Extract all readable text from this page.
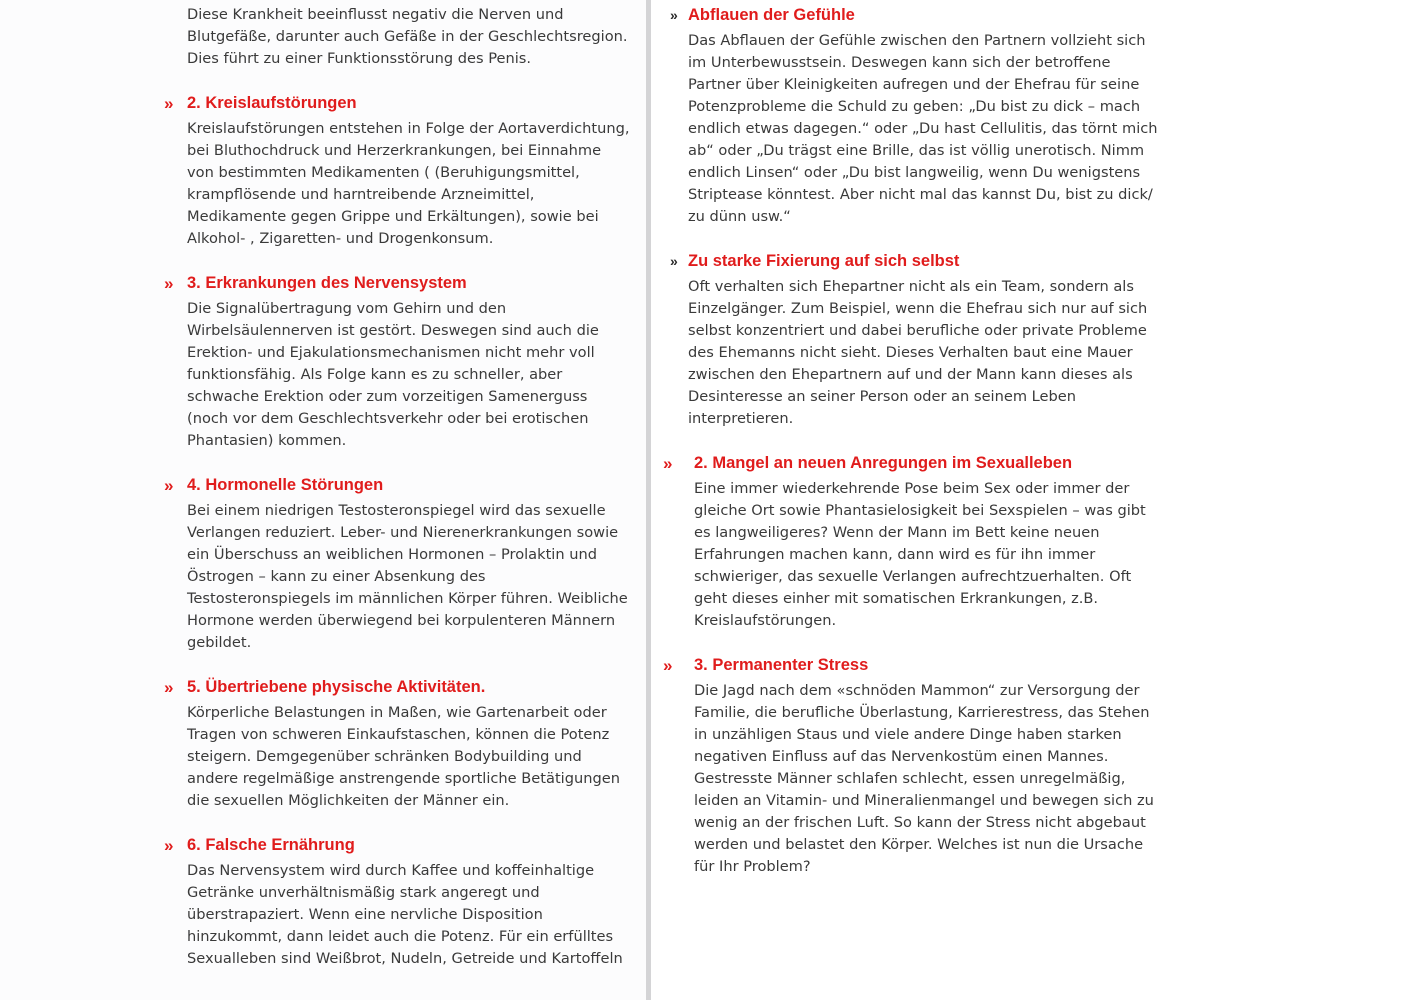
Diese Krankheit beeinflusst negativ die Nerven und Blutgefäße, darunter auch Gefäße in der Geschlechtsregion. Dies führt zu einer Funktionsstörung des Penis.

» 2. Kreislaufstörungen

Kreislaufstörungen entstehen in Folge der Aortaverdichtung, bei Bluthochdruck und Herzerkrankungen, bei Einnahme von bestimmten Medikamenten ( (Beruhigungsmittel, krampflösende und harntreibende Arzneimittel, Medikamente gegen Grippe und Erkältungen), sowie bei Alkohol- , Zigaretten- und Drogenkonsum.

» 3. Erkrankungen des Nervensystem

Die Signalübertragung vom Gehirn und den Wirbelsäulennerven ist gestört. Deswegen sind auch die Erektion- und Ejakulationsmechanismen nicht mehr voll funktionsfähig. Als Folge kann es zu schneller, aber schwache Erektion oder zum vorzeitigen Samenerguss (noch vor dem Geschlechtsverkehr oder bei erotischen Phantasien) kommen.

» 4. Hormonelle Störungen

Bei einem niedrigen Testosteronspiegel wird das sexuelle Verlangen reduziert. Leber- und Nierenerkrankungen sowie ein Überschuss an weiblichen Hormonen – Prolaktin und Östrogen – kann zu einer Absenkung des Testosteronspiegels im männlichen Körper führen. Weibliche Hormone werden überwiegend bei korpulenteren Männern gebildet.

» 5. Übertriebene physische Aktivitäten.

Körperliche Belastungen in Maßen, wie Gartenarbeit oder Tragen von schweren Einkaufstaschen, können die Potenz steigern. Demgegenüber schränken Bodybuilding und andere regelmäßige anstrengende sportliche Betätigungen die sexuellen Möglichkeiten der Männer ein.

» 6. Falsche Ernährung

Das Nervensystem wird durch Kaffee und koffeinhaltige Getränke unverhältnismäßig stark angeregt und überstrapaziert. Wenn eine nervliche Disposition hinzukommt, dann leidet auch die Potenz. Für ein erfülltes Sexualleben sind Weißbrot, Nudeln, Getreide und Kartoffeln

» Abflauen der Gefühle

Das Abflauen der Gefühle zwischen den Partnern vollzieht sich im Unterbewusstsein. Deswegen kann sich der betroffene Partner über Kleinigkeiten aufregen und der Ehefrau für seine Potenzprobleme die Schuld zu geben: „Du bist zu dick – mach endlich etwas dagegen.“ oder „Du hast Cellulitis, das törnt mich ab“ oder „Du trägst eine Brille, das ist völlig unerotisch. Nimm endlich Linsen“ oder „Du bist langweilig, wenn Du wenigstens Striptease könntest. Aber nicht mal das kannst Du, bist zu dick/ zu dünn usw.“

» Zu starke Fixierung auf sich selbst

Oft verhalten sich Ehepartner nicht als ein Team, sondern als Einzelgänger. Zum Beispiel, wenn die Ehefrau sich nur auf sich selbst konzentriert und dabei berufliche oder private Probleme des Ehemanns nicht sieht. Dieses Verhalten baut eine Mauer zwischen den Ehepartnern auf und der Mann kann dieses als Desinteresse an seiner Person oder an seinem Leben interpretieren.

» 2. Mangel an neuen Anregungen im Sexualleben

Eine immer wiederkehrende Pose beim Sex oder immer der gleiche Ort sowie Phantasielosigkeit bei Sexspielen – was gibt es langweiligeres? Wenn der Mann im Bett keine neuen Erfahrungen machen kann, dann wird es für ihn immer schwieriger, das sexuelle Verlangen aufrechtzuerhalten. Oft geht dieses einher mit somatischen Erkrankungen, z.B. Kreislaufstörungen.

» 3. Permanenter Stress

Die Jagd nach dem «schnöden Mammon“ zur Versorgung der Familie, die berufliche Überlastung, Karrierestress, das Stehen in unzähligen Staus und viele andere Dinge haben starken negativen Einfluss auf das Nervenkostüm einen Mannes. Gestresste Männer schlafen schlecht, essen unregelmäßig, leiden an Vitamin- und Mineralienmangel und bewegen sich zu wenig an der frischen Luft. So kann der Stress nicht abgebaut werden und belastet den Körper. Welches ist nun die Ursache für Ihr Problem?
